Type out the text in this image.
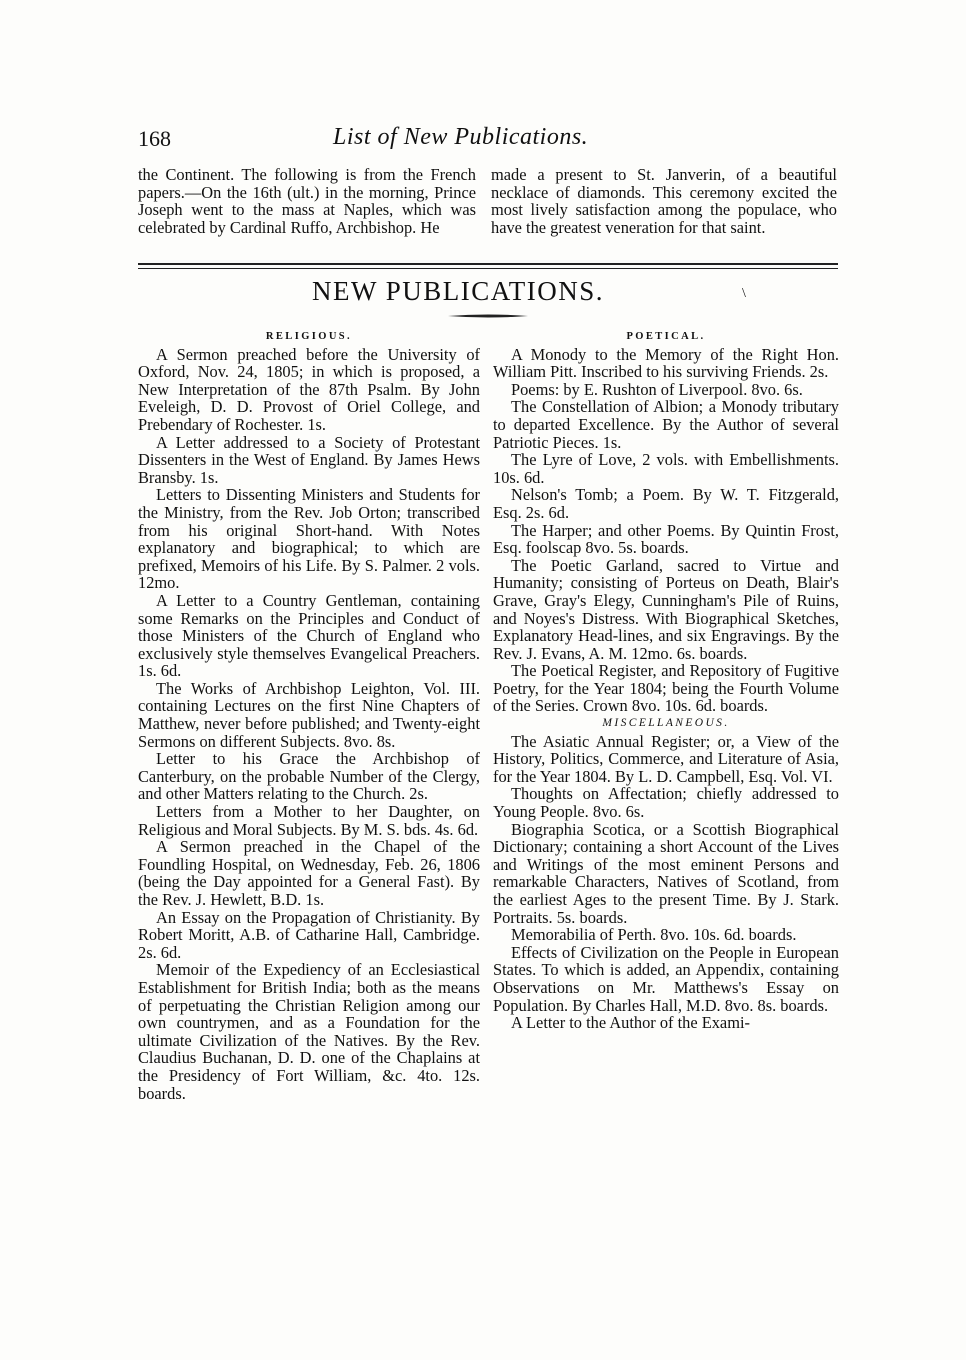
168	List of New Publications.

the Continent. The following is from the French papers.—On the 16th (ult.) in the morning, Prince Joseph went to the mass at Naples, which was celebrated by Cardinal Ruffo, Archbishop. He

made a present to St. Janverin, of a beautiful necklace of diamonds. This ceremony excited the most lively satisfaction among the populace, who have the greatest veneration for that saint.

NEW PUBLICATIONS.	\

RELIGIOUS.

A Sermon preached before the University of Oxford, Nov. 24, 1805; in which is proposed, a New Interpretation of the 87th Psalm. By John Eveleigh, D. D. Provost of Oriel College, and Prebendary of Rochester. 1s.

A Letter addressed to a Society of Protestant Dissenters in the West of England. By James Hews Bransby. 1s.

Letters to Dissenting Ministers and Students for the Ministry, from the Rev. Job Orton; transcribed from his original Short-hand. With Notes explanatory and biographical; to which are prefixed, Memoirs of his Life. By S. Palmer. 2 vols. 12mo.

A Letter to a Country Gentleman, containing some Remarks on the Principles and Conduct of those Ministers of the Church of England who exclusively style themselves Evangelical Preachers. 1s. 6d.

The Works of Archbishop Leighton, Vol. III. containing Lectures on the first Nine Chapters of Matthew, never before published; and Twenty-eight Sermons on different Subjects. 8vo. 8s.

Letter to his Grace the Archbishop of Canterbury, on the probable Number of the Clergy, and other Matters relating to the Church. 2s.

Letters from a Mother to her Daughter, on Religious and Moral Subjects. By M. S. bds. 4s. 6d.

A Sermon preached in the Chapel of the Foundling Hospital, on Wednesday, Feb. 26, 1806 (being the Day appointed for a General Fast). By the Rev. J. Hewlett, B.D. 1s.

An Essay on the Propagation of Christianity. By Robert Moritt, A.B. of Catharine Hall, Cambridge. 2s. 6d.

Memoir of the Expediency of an Ecclesiastical Establishment for British India; both as the means of perpetuating the Christian Religion among our own countrymen, and as a Foundation for the ultimate Civilization of the Natives. By the Rev. Claudius Buchanan, D. D. one of the Chaplains at the Presidency of Fort William, &c. 4to. 12s. boards.

POETICAL.

A Monody to the Memory of the Right Hon. William Pitt. Inscribed to his surviving Friends. 2s.

Poems: by E. Rushton of Liverpool. 8vo. 6s.

The Constellation of Albion; a Monody tributary to departed Excellence. By the Author of several Patriotic Pieces. 1s.

The Lyre of Love, 2 vols. with Embellishments. 10s. 6d.

Nelson's Tomb; a Poem. By W. T. Fitzgerald, Esq. 2s. 6d.

The Harper; and other Poems. By Quintin Frost, Esq. foolscap 8vo. 5s. boards.

The Poetic Garland, sacred to Virtue and Humanity; consisting of Porteus on Death, Blair's Grave, Gray's Elegy, Cunningham's Pile of Ruins, and Noyes's Distress. With Biographical Sketches, Explanatory Head-lines, and six Engravings. By the Rev. J. Evans, A. M. 12mo. 6s. boards.

The Poetical Register, and Repository of Fugitive Poetry, for the Year 1804; being the Fourth Volume of the Series. Crown 8vo. 10s. 6d. boards.

MISCELLANEOUS.

The Asiatic Annual Register; or, a View of the History, Politics, Commerce, and Literature of Asia, for the Year 1804. By L. D. Campbell, Esq. Vol. VI.

Thoughts on Affectation; chiefly addressed to Young People. 8vo. 6s.

Biographia Scotica, or a Scottish Biographical Dictionary; containing a short Account of the Lives and Writings of the most eminent Persons and remarkable Characters, Natives of Scotland, from the earliest Ages to the present Time. By J. Stark. Portraits. 5s. boards.

Memorabilia of Perth. 8vo. 10s. 6d. boards.

Effects of Civilization on the People in European States. To which is added, an Appendix, containing Observations on Mr. Matthews's Essay on Population. By Charles Hall, M.D. 8vo. 8s. boards.

A Letter to the Author of the Exami-
